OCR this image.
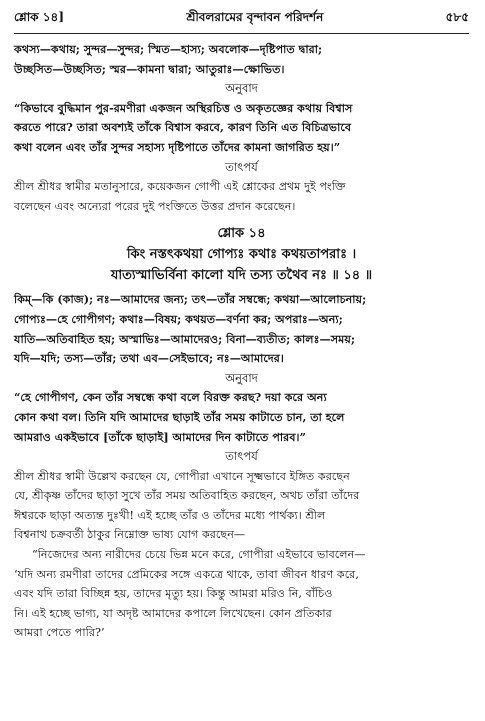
শ্লোক ১৪]	শ্রীবলরামের বৃন্দাবন পরিদর্শন	৫৮৫

কথস্য—কথায়; সুন্দর—সুন্দর; স্মিত—হাস্য; অবলোক—দৃষ্টিপাত দ্বারা;

উচ্ছসিত—উচ্ছসিত; স্মর—কামনা দ্বারা; আতুরাঃ—ক্ষোভিত।

অনুবাদ

“কিভাবে বুদ্ধিমান পুর-রমণীরা একজন অস্থিরচিত্ত ও অকৃতজ্ঞের কথায় বিশ্বাস

করতে পারে? তারা অবশ্যই তাঁকে বিশ্বাস করবে, কারণ তিনি এত বিচিত্রভাবে

কথা বলেন এবং তাঁর সুন্দর সহাস্য দৃষ্টিপাতে তাঁদের কামনা জাগরিত হয়।”

তাৎপর্য

শ্রীল শ্রীধর স্বামীর মতানুসারে, কয়েকজন গোপী এই শ্লোকের প্রথম দুই পংক্তি

বলেছেন এবং অন্যেরা পরের দুই পংক্তিতে উত্তর প্রদান করেছেন।

শ্লোক ১৪

কিং নস্তৎকথয়া গোপ্যঃ কথাঃ কথয়তাপরাঃ ।

যাত্যস্মাভির্বিনা কালো যদি তস্য তথৈব নঃ ॥ ১৪ ॥

কিম্—কি (কাজ); নঃ—আমাদের জন্য; তৎ—তাঁর সম্বন্ধে; কথয়া—আলোচনায়;

গোপ্যঃ—হে গোপীগণ; কথাঃ—বিষয়; কথয়ত—বর্ণনা কর; অপরাঃ—অন্য;

যাতি—অতিবাহিত হয়; অস্মাভিঃ—আমাদেরও; বিনা—ব্যতীত; কালঃ—সময়;

যদি—যদি; তস্য—তাঁর; তথা এব—সেইভাবে; নঃ—আমাদের।

অনুবাদ

“হে গোপীগণ, কেন তাঁর সম্বন্ধে কথা বলে বিরক্ত করছ? দয়া করে অন্য

কোন কথা বল। তিনি যদি আমাদের ছাড়াই তাঁর সময় কাটাতে চান, তা হলে

আমরাও একইভাবে [তাঁকে ছাড়াই] আমাদের দিন কাটাতে পারব।”

তাৎপর্য

শ্রীল শ্রীধর স্বামী উল্লেখ করছেন যে, গোপীরা এখানে সূক্ষ্মভাবে ইঙ্গিত করছেন

যে, শ্রীকৃষ্ণ তাঁদের ছাড়া সুখে তাঁর সময় অতিবাহিত করছেন, অথচ তাঁরা তাঁদের

ঈশ্বরকে ছাড়া অত্যন্ত দুঃখী! এই হচ্ছে তাঁর ও তাঁদের মধ্যে পার্থক্য। শ্রীল

বিশ্বনাথ চক্রবর্তী ঠাকুর নিম্নোক্ত ভাষ্য যোগ করছেন—

“নিজেদের অন্য নারীদের চেয়ে ভিন্ন মনে করে, গোপীরা এইভাবে ভাবলেন—

‘যদি অন্য রমণীরা তাদের প্রেমিকের সঙ্গে একত্রে থাকে, তাবা জীবন ধারণ করে,

এবং যদি তারা বিচ্ছিন্ন হয়, তাদের মৃত্যু হয়। কিন্তু আমরা মরিও নি, বাঁচিও

নি। এই হচ্ছে ভাগ্য, যা অদৃষ্ট আমাদের কপালে লিখেছেন। কোন প্রতিকার

আমরা পেতে পারি?’
